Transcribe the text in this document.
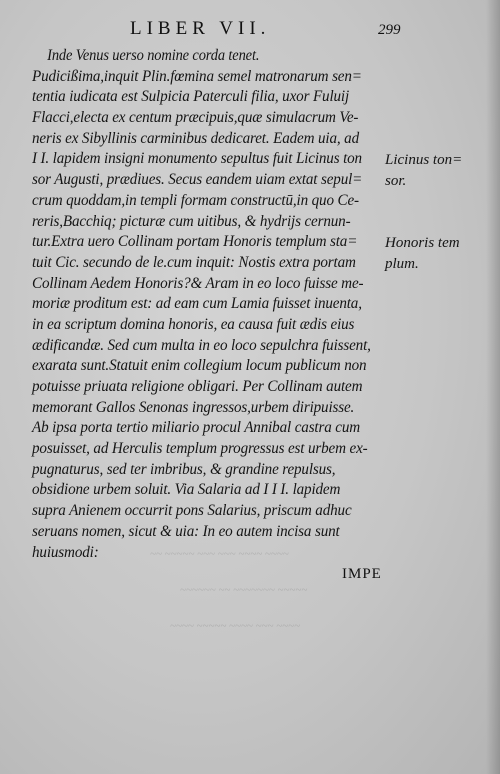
~~ ~~~~~ ~~~ ~~~ ~~~~ ~~~~
~~~~~~ ~~ ~~~~~~~ ~~~~~
~~~~ ~~~~~ ~~~~ ~~~ ~~~~
LIBER VII.	299
Inde Venus uerso nomine corda tenet.
Pudicißima,inquit Plin.fœmina semel matronarum sen=
tentia iudicata est Sulpicia Paterculi filia, uxor Fuluij
Flacci,electa ex centum præcipuis,quæ simulacrum Ve-
neris ex Sibyllinis carminibus dedicaret. Eadem uia, ad
I I. lapidem insigni monumento sepultus fuit Licinus ton
sor Augusti, prædiues. Secus eandem uiam extat sepul=
crum quoddam,in templi formam constructū,in quo Ce-
reris,Bacchiq; picturæ cum uitibus, & hydrijs cernun-
tur.Extra uero Collinam portam Honoris templum sta=
tuit Cic. secundo de le.cum inquit: Nostis extra portam
Collinam Aedem Honoris?& Aram in eo loco fuisse me-
moriæ proditum est: ad eam cum Lamia fuisset inuenta,
in ea scriptum domina honoris, ea causa fuit ædis eius
ædificandæ. Sed cum multa in eo loco sepulchra fuissent,
exarata sunt.Statuit enim collegium locum publicum non
potuisse priuata religione obligari. Per Collinam autem
memorant Gallos Senonas ingressos,urbem diripuisse.
Ab ipsa porta tertio miliario procul Annibal castra cum
posuisset, ad Herculis templum progressus est urbem ex-
pugnaturus, sed ter imbribus, & grandine repulsus,
obsidione urbem soluit. Via Salaria ad I I I. lapidem
supra Anienem occurrit pons Salarius, priscum adhuc
seruans nomen, sicut & uia: In eo autem incisa sunt
huiusmodi:
Licinus ton=
sor.
Honoris tem
plum.
IMPE
